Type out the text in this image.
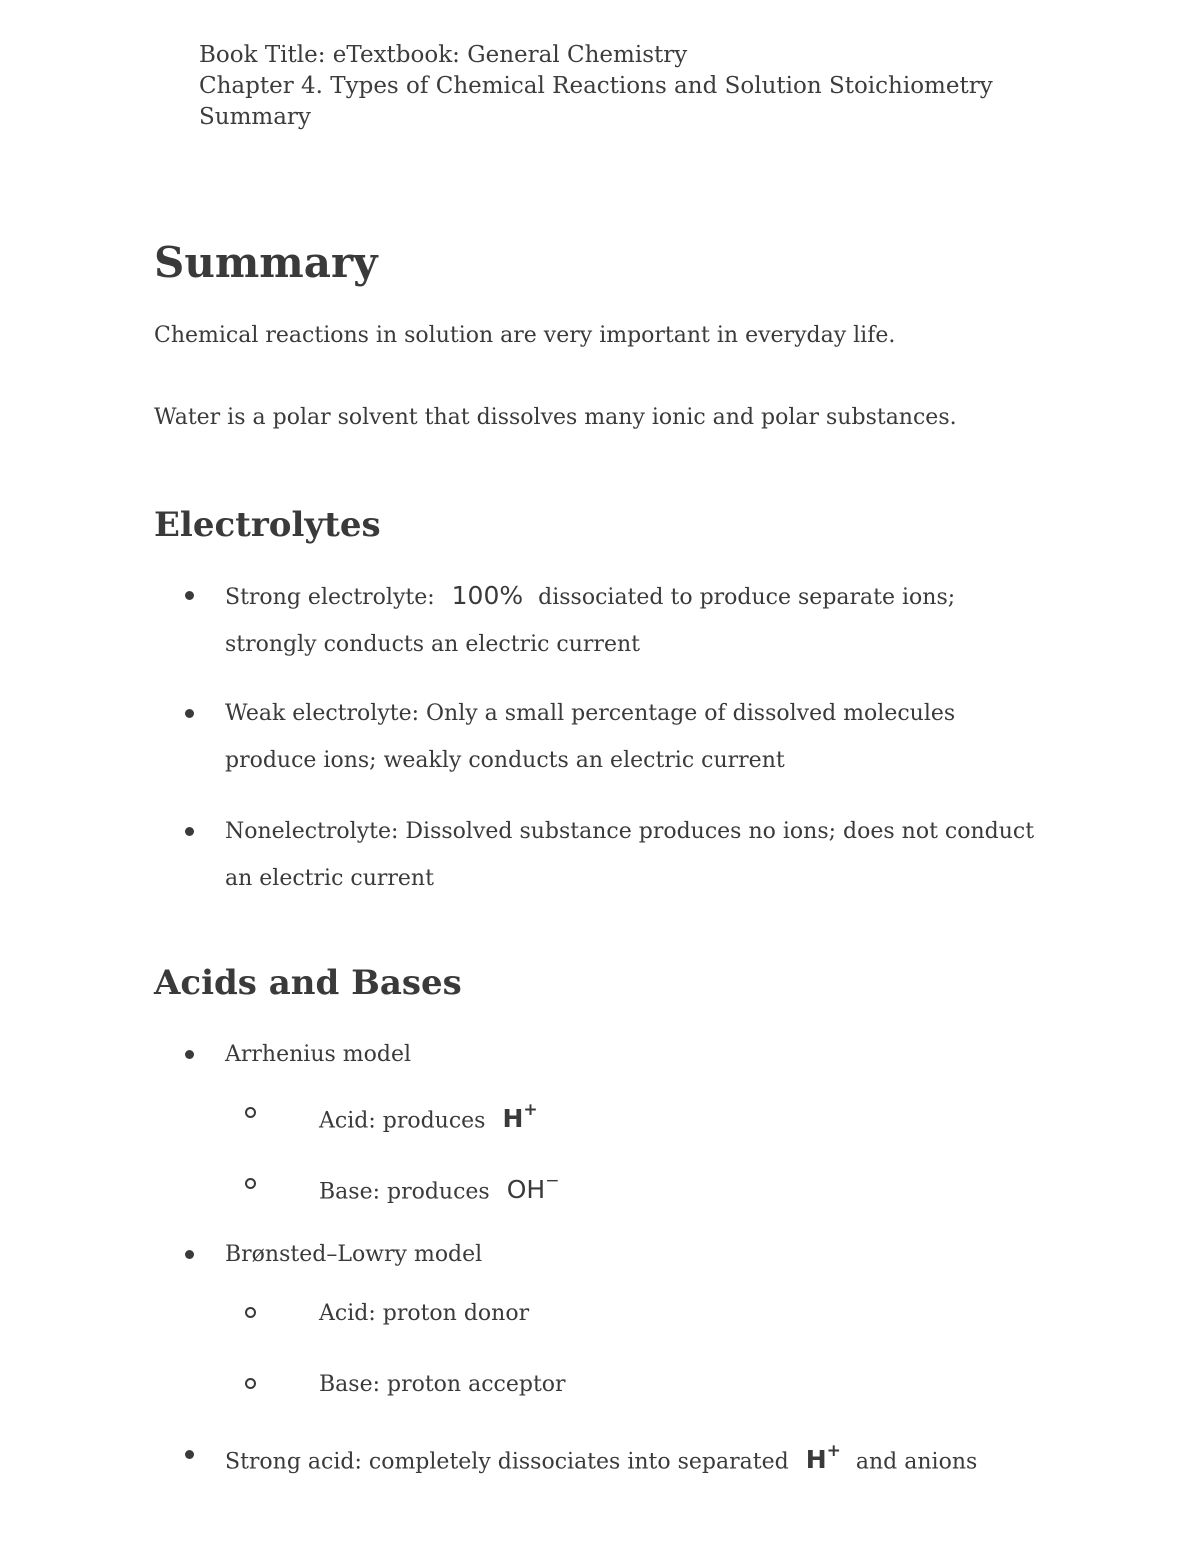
Book Title: eTextbook: General Chemistry
Chapter 4. Types of Chemical Reactions and Solution Stoichiometry
Summary
Summary

Chemical reactions in solution are very important in everyday life.

Water is a polar solvent that dissolves many ionic and polar substances.

Electrolytes
Strong electrolyte: 100% dissociated to produce separate ions; strongly conducts an electric current
Weak electrolyte: Only a small percentage of dissolved molecules produce ions; weakly conducts an electric current
Nonelectrolyte: Dissolved substance produces no ions; does not conduct an electric current
Acids and Bases
Arrhenius model
Acid: produces H+
Base: produces OH−
Brønsted–Lowry model
Acid: proton donor
Base: proton acceptor
Strong acid: completely dissociates into separated H+ and anions
